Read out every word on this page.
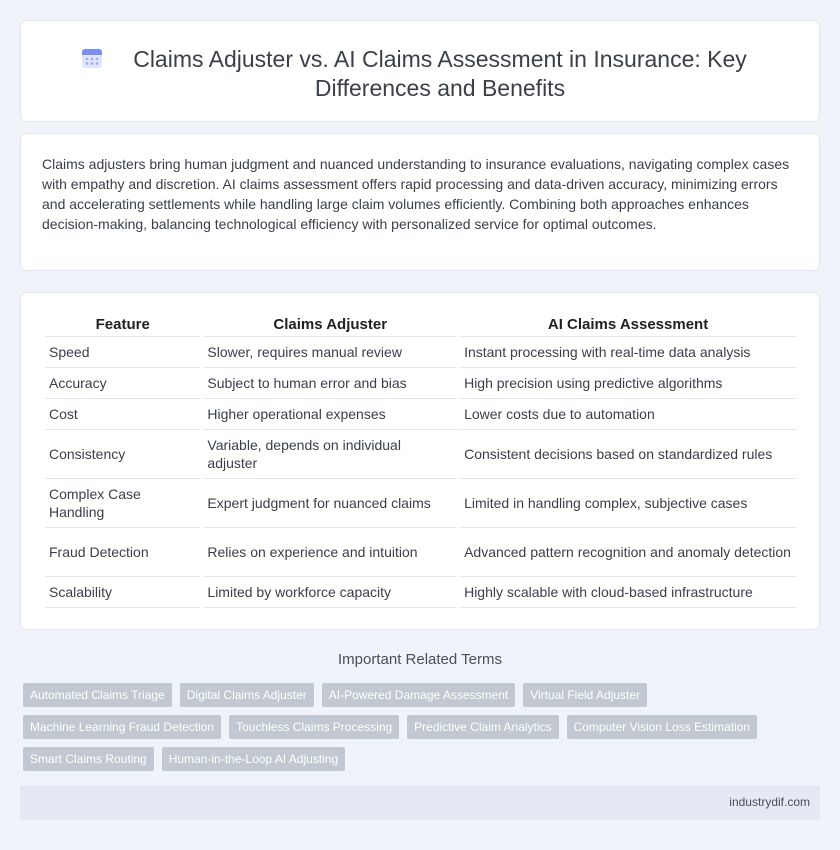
Claims Adjuster vs. AI Claims Assessment in Insurance: Key Differences and Benefits

Claims adjusters bring human judgment and nuanced understanding to insurance evaluations, navigating complex cases with empathy and discretion. AI claims assessment offers rapid processing and data-driven accuracy, minimizing errors and accelerating settlements while handling large claim volumes efficiently. Combining both approaches enhances decision-making, balancing technological efficiency with personalized service for optimal outcomes.

Feature	Claims Adjuster	AI Claims Assessment
Speed	Slower, requires manual review	Instant processing with real-time data analysis
Accuracy	Subject to human error and bias	High precision using predictive algorithms
Cost	Higher operational expenses	Lower costs due to automation
Consistency	Variable, depends on individual adjuster	Consistent decisions based on standardized rules
Complex Case Handling	Expert judgment for nuanced claims	Limited in handling complex, subjective cases
Fraud Detection	Relies on experience and intuition	Advanced pattern recognition and anomaly detection
Scalability	Limited by workforce capacity	Highly scalable with cloud-based infrastructure
Important Related Terms
Automated Claims Triage	Digital Claims Adjuster	AI-Powered Damage Assessment	Virtual Field Adjuster
Machine Learning Fraud Detection	Touchless Claims Processing	Predictive Claim Analytics	Computer Vision Loss Estimation
Smart Claims Routing	Human-in-the-Loop AI Adjusting
industrydif.com
